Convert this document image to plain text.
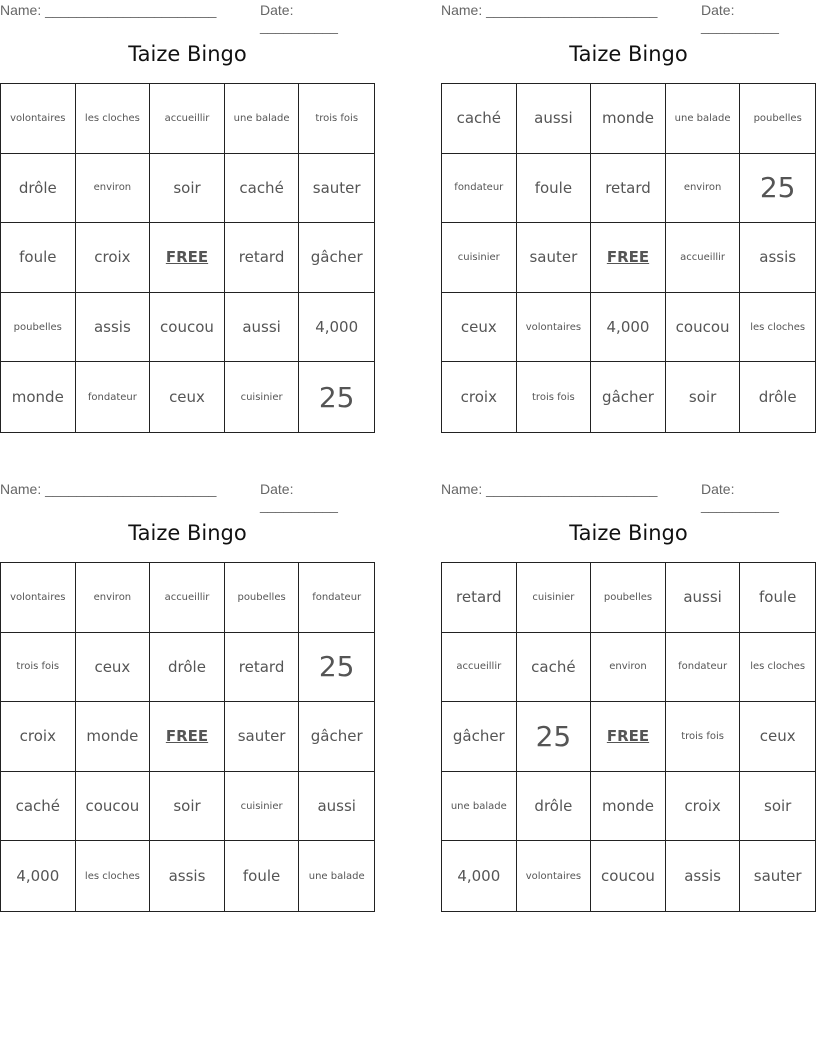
Name: ______________________	Date: __________
Taize Bingo
volontaires	les cloches	accueillir	une balade	trois fois
drôle	environ	soir	caché	sauter
foule	croix	FREE	retard	gâcher
poubelles	assis	coucou	aussi	4,000
monde	fondateur	ceux	cuisinier	25
Name: ______________________	Date: __________
Taize Bingo
caché	aussi	monde	une balade	poubelles
fondateur	foule	retard	environ	25
cuisinier	sauter	FREE	accueillir	assis
ceux	volontaires	4,000	coucou	les cloches
croix	trois fois	gâcher	soir	drôle
Name: ______________________	Date: __________
Taize Bingo
volontaires	environ	accueillir	poubelles	fondateur
trois fois	ceux	drôle	retard	25
croix	monde	FREE	sauter	gâcher
caché	coucou	soir	cuisinier	aussi
4,000	les cloches	assis	foule	une balade
Name: ______________________	Date: __________
Taize Bingo
retard	cuisinier	poubelles	aussi	foule
accueillir	caché	environ	fondateur	les cloches
gâcher	25	FREE	trois fois	ceux
une balade	drôle	monde	croix	soir
4,000	volontaires	coucou	assis	sauter
